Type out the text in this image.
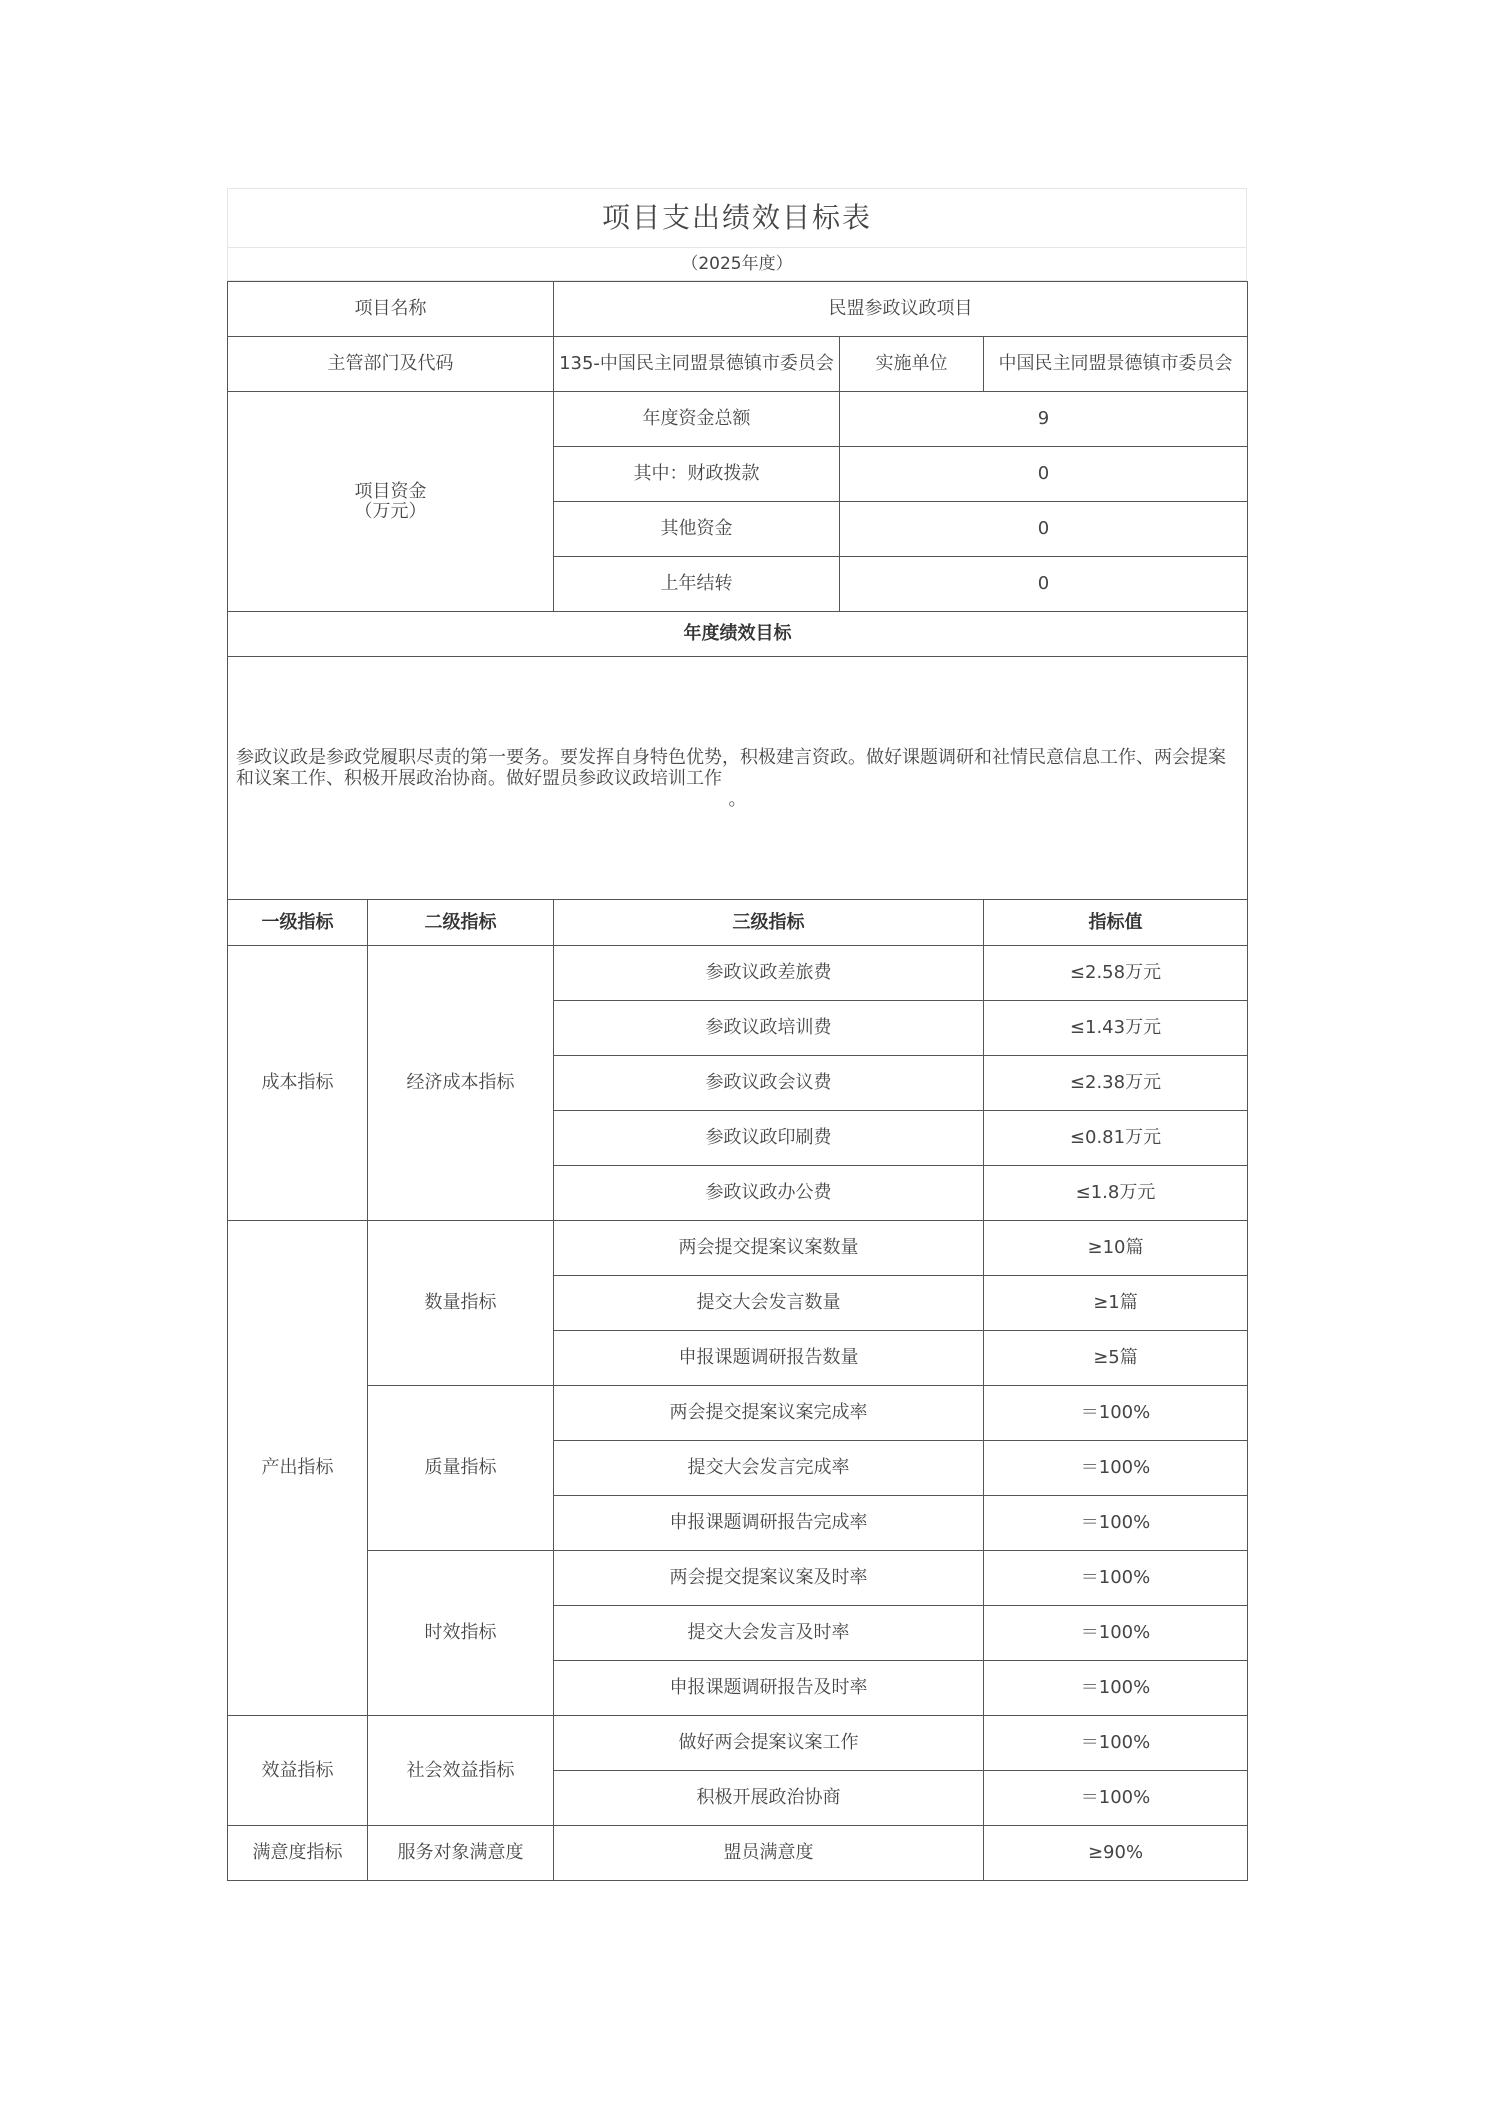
项目支出绩效目标表
（2025年度）
项目名称		民盟参政议政项目		
主管部门及代码		135-中国民主同盟景德镇市委员会	实施单位	中国民主同盟景德镇市委员会
项目资金（万元）		年度资金总额	9	
		其中：财政拨款	0	
		其他资金	0	
		上年结转	0	
年度绩效目标				
参政议政是参政党履职尽责的第一要务。要发挥自身特色优势，积极建言资政。做好课题调研和社情民意信息工作、两会提案和议案工作、积极开展政治协商。做好盟员参政议政培训工作
。				

一级指标	二级指标	三级指标		指标值
成本指标	经济成本指标	参政议政差旅费		≤2.58万元
		参政议政培训费		≤1.43万元
		参政议政会议费		≤2.38万元
		参政议政印刷费		≤0.81万元
		参政议政办公费		≤1.8万元
产出指标	数量指标	两会提交提案议案数量		≥10篇
		提交大会发言数量		≥1篇
		申报课题调研报告数量		≥5篇
	质量指标	两会提交提案议案完成率		＝100%
		提交大会发言完成率		＝100%
		申报课题调研报告完成率		＝100%
	时效指标	两会提交提案议案及时率		＝100%
		提交大会发言及时率		＝100%
		申报课题调研报告及时率		＝100%
效益指标	社会效益指标	做好两会提案议案工作		＝100%
		积极开展政治协商		＝100%
满意度指标	服务对象满意度	盟员满意度		≥90%
